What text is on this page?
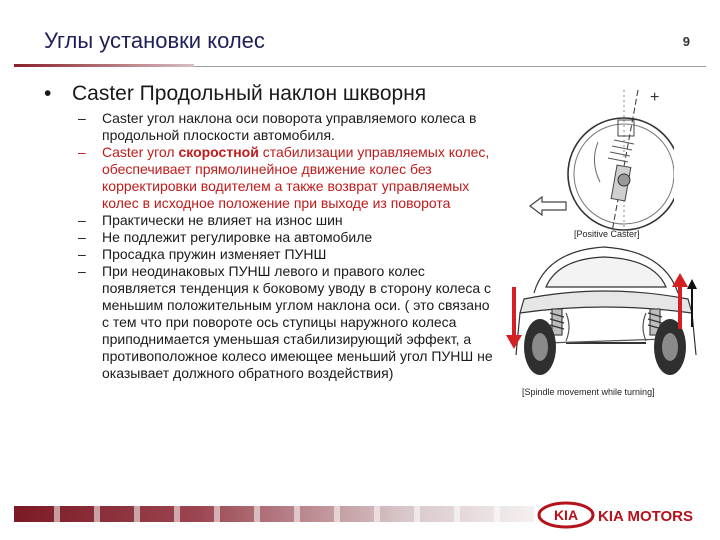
Углы установки колес	9
• Caster Продольный наклон шкворня
– Caster угол наклона оси поворота управляемого колеса в продольной плоскости автомобиля.
– Caster угол скоростной стабилизации управляемых колес, обеспечивает прямолинейное движение колес без корректировки водителем а также возврат управляемых колес в исходное положение при выходе из поворота
– Практически не влияет на износ шин
– Не подлежит регулировке на автомобиле
– Просадка пружин изменяет ПУНШ
– При неодинаковых ПУНШ левого и правого колес появляется тенденция к боковому уводу в сторону колеса с меньшим положительным углом наклона оси. ( это связано с тем что при повороте ось ступицы наружного колеса приподнимается уменьшая стабилизирующий эффект, а противоположное колесо имеющее меньший угол ПУНШ не оказывает должного обратного воздействия)
+
[Positive Caster]
[Spindle movement while turning]
KIA KIA MOTORS
